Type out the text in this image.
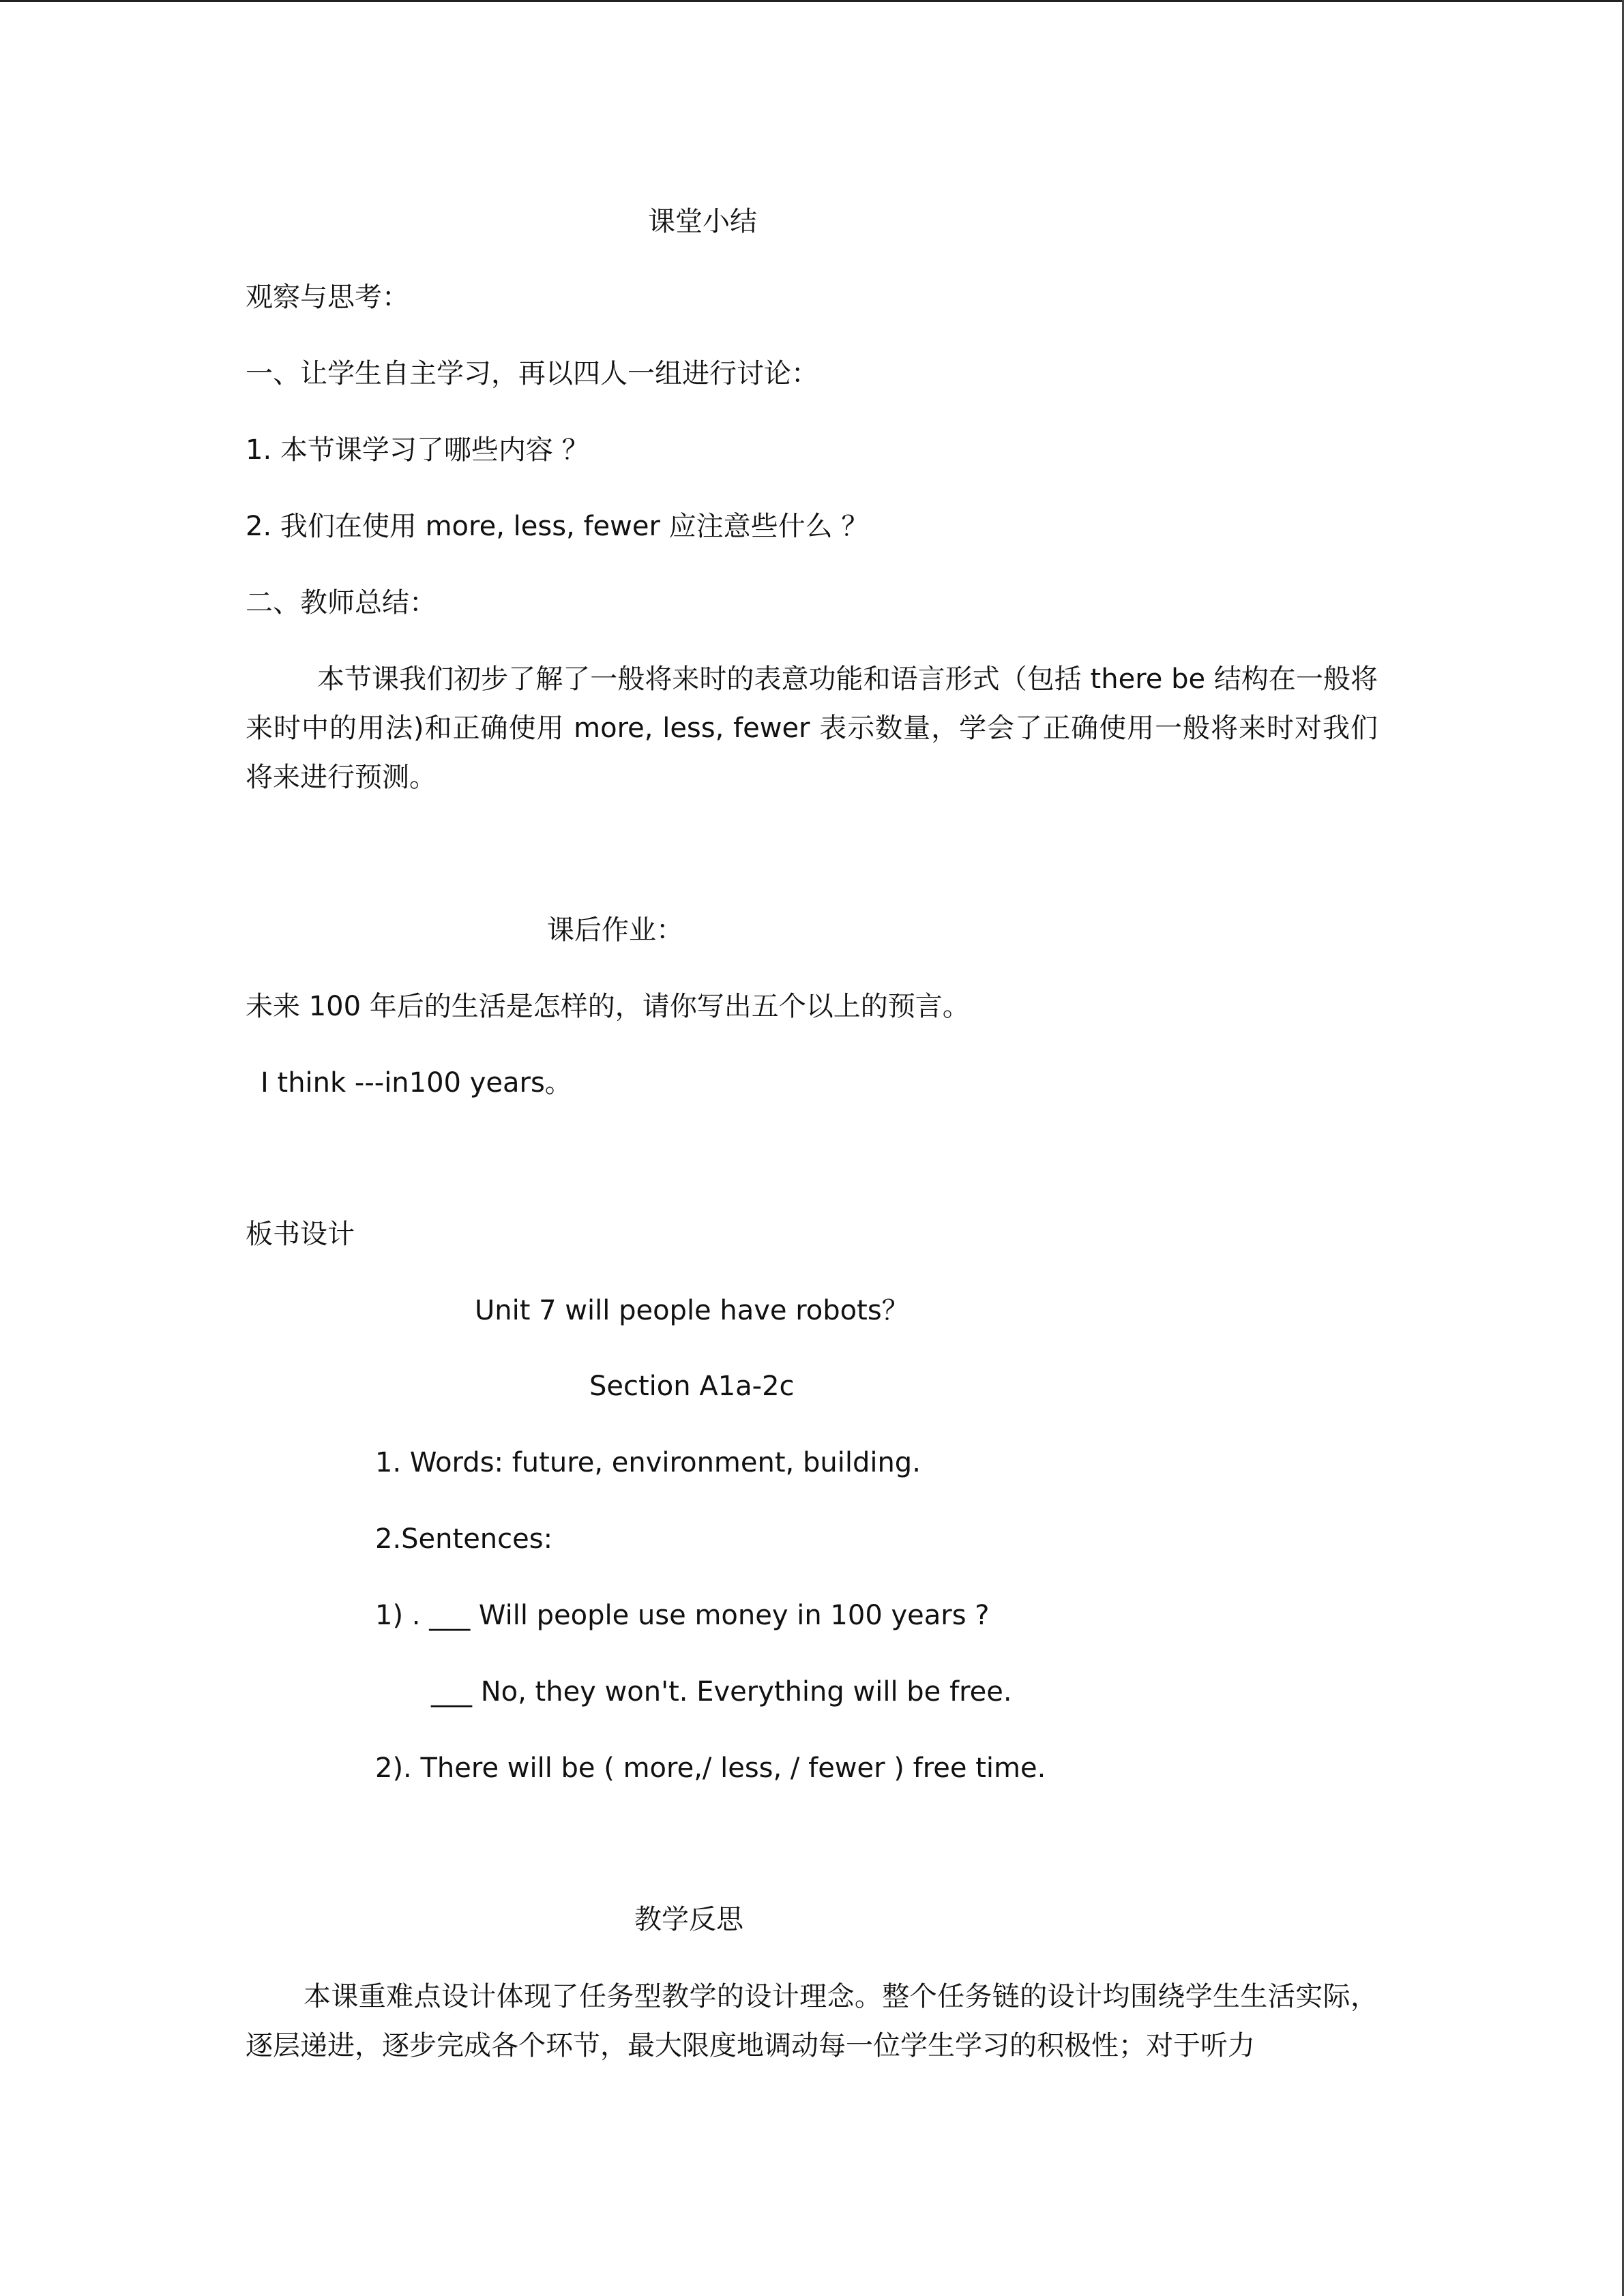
课堂小结
观察与思考：
一、让学生自主学习，再以四人一组进行讨论：
1. 本节课学习了哪些内容 ？
2. 我们在使用 more, less, fewer 应注意些什么 ？
二、教师总结：
本节课我们初步了解了一般将来时的表意功能和语言形式（包括 there be 结构在一般将来时中的用法)和正确使用 more, less, fewer 表示数量，学会了正确使用一般将来时对我们将来进行预测。
课后作业：
未来 100 年后的生活是怎样的，请你写出五个以上的预言。
I think ---in100 years。
板书设计
Unit 7 will people have robots？
Section A1a-2c
1. Words: future, environment, building.
2.Sentences:
1) . ___ Will people use money in 100 years ?
___ No, they won't. Everything will be free.
2). There will be ( more,/ less, / fewer ) free time.
教学反思
本课重难点设计体现了任务型教学的设计理念。整个任务链的设计均围绕学生生活实际，逐层递进，逐步完成各个环节，最大限度地调动每一位学生学习的积极性；对于听力
